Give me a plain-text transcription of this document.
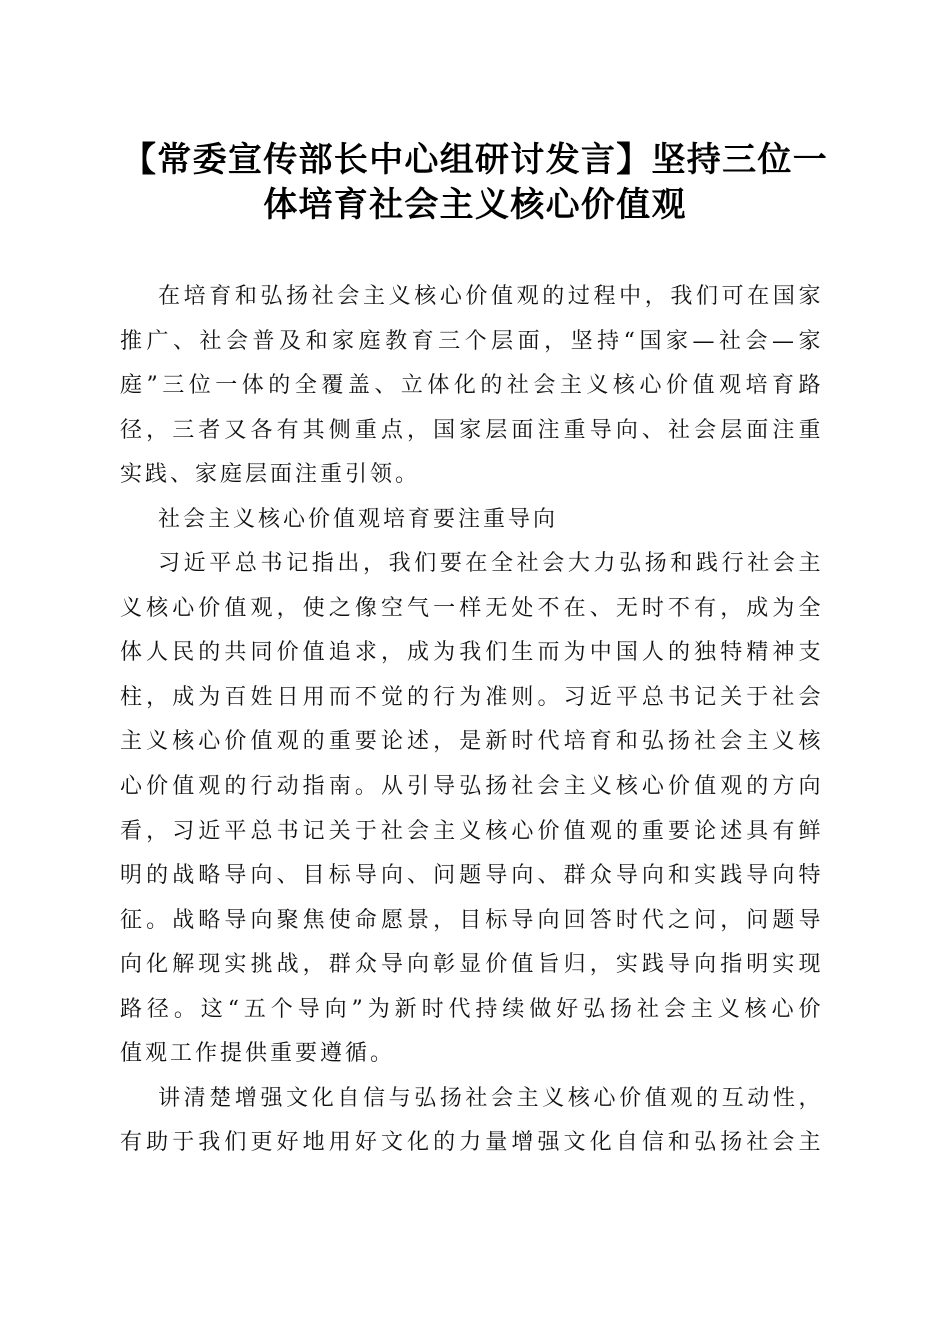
【常委宣传部长中心组研讨发言】坚持三位一
体培育社会主义核心价值观
在培育和弘扬社会主义核心价值观的过程中，我们可在国家
推广、社会普及和家庭教育三个层面，坚持“国家—社会—家
庭”三位一体的全覆盖、立体化的社会主义核心价值观培育路
径，三者又各有其侧重点，国家层面注重导向、社会层面注重
实践、家庭层面注重引领。
社会主义核心价值观培育要注重导向
习近平总书记指出，我们要在全社会大力弘扬和践行社会主
义核心价值观，使之像空气一样无处不在、无时不有，成为全
体人民的共同价值追求，成为我们生而为中国人的独特精神支
柱，成为百姓日用而不觉的行为准则。习近平总书记关于社会
主义核心价值观的重要论述，是新时代培育和弘扬社会主义核
心价值观的行动指南。从引导弘扬社会主义核心价值观的方向
看，习近平总书记关于社会主义核心价值观的重要论述具有鲜
明的战略导向、目标导向、问题导向、群众导向和实践导向特
征。战略导向聚焦使命愿景，目标导向回答时代之问，问题导
向化解现实挑战，群众导向彰显价值旨归，实践导向指明实现
路径。这“五个导向”为新时代持续做好弘扬社会主义核心价
值观工作提供重要遵循。
讲清楚增强文化自信与弘扬社会主义核心价值观的互动性，
有助于我们更好地用好文化的力量增强文化自信和弘扬社会主
